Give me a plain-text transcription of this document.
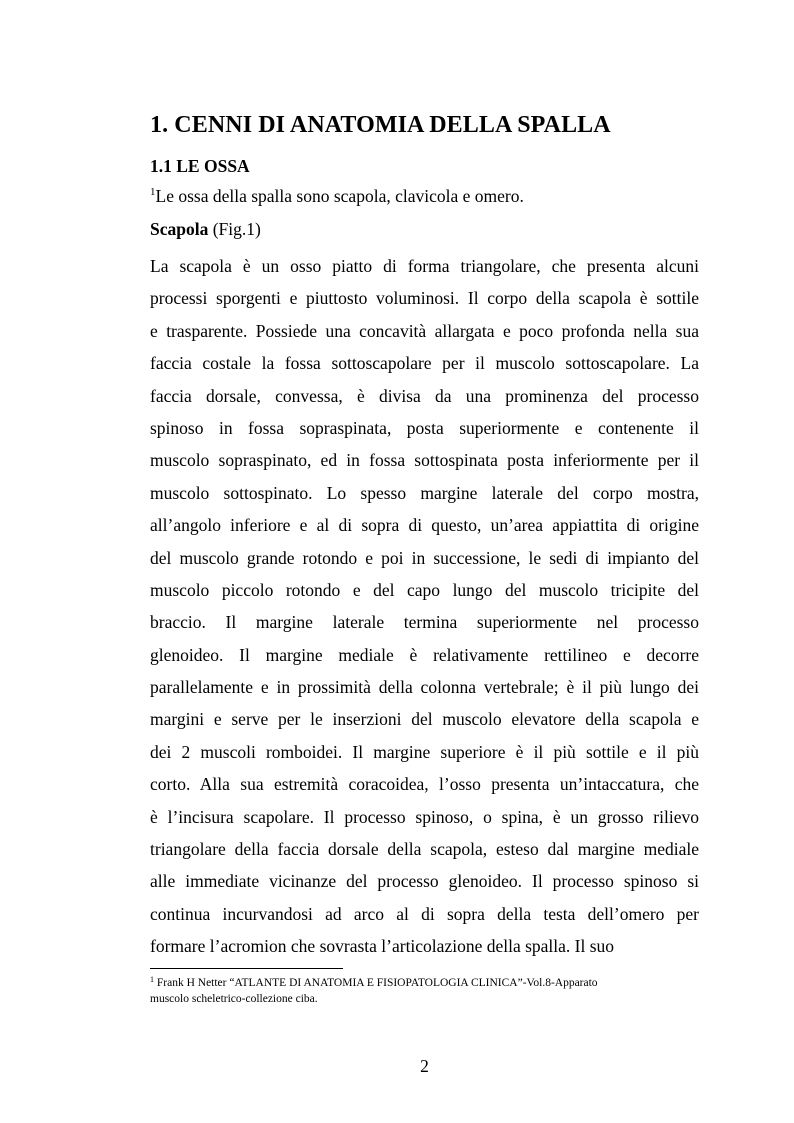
1. CENNI DI ANATOMIA DELLA SPALLA
1.1 LE OSSA

$^1$Le ossa della spalla sono scapola, clavicola e omero.

Scapola (Fig.1)

La scapola è un osso piatto di forma triangolare, che presenta alcuni
processi sporgenti e piuttosto voluminosi. Il corpo della scapola è sottile
e trasparente. Possiede una concavità allargata e poco profonda nella sua
faccia costale la fossa sottoscapolare per il muscolo sottoscapolare. La
faccia dorsale, convessa, è divisa da una prominenza del processo
spinoso in fossa sopraspinata, posta superiormente e contenente il
muscolo sopraspinato, ed in fossa sottospinata posta inferiormente per il
muscolo sottospinato. Lo spesso margine laterale del corpo mostra,
all’angolo inferiore e al di sopra di questo, un’area appiattita di origine
del muscolo grande rotondo e poi in successione, le sedi di impianto del
muscolo piccolo rotondo e del capo lungo del muscolo tricipite del
braccio. Il margine laterale termina superiormente nel processo
glenoideo. Il margine mediale è relativamente rettilineo e decorre
parallelamente e in prossimità della colonna vertebrale; è il più lungo dei
margini e serve per le inserzioni del muscolo elevatore della scapola e
dei 2 muscoli romboidei. Il margine superiore è il più sottile e il più
corto. Alla sua estremità coracoidea, l’osso presenta un’intaccatura, che
è l’incisura scapolare. Il processo spinoso, o spina, è un grosso rilievo
triangolare della faccia dorsale della scapola, esteso dal margine mediale
alle immediate vicinanze del processo glenoideo. Il processo spinoso si
continua incurvandosi ad arco al di sopra della testa dell’omero per
formare l’acromion che sovrasta l’articolazione della spalla. Il suo

$^1$ Frank H Netter “ATLANTE DI ANATOMIA E FISIOPATOLOGIA CLINICA”-Vol.8-Apparato
muscolo scheletrico-collezione ciba.

2
